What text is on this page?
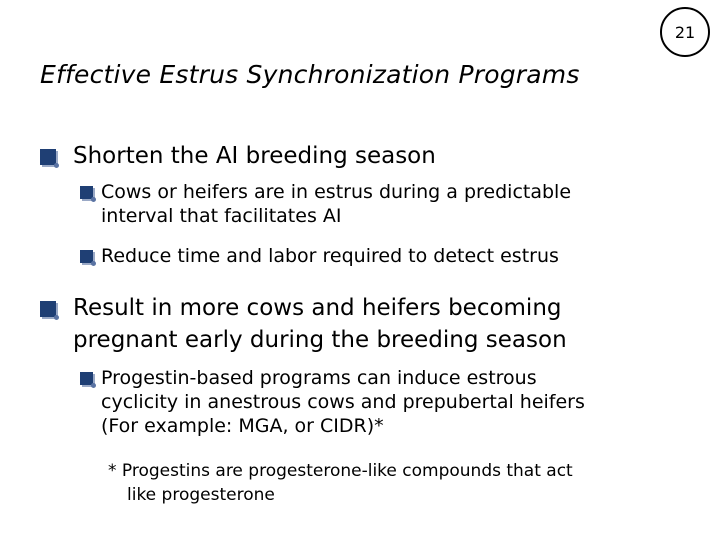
21
Effective Estrus Synchronization Programs
Shorten the AI breeding season
Cows or heifers are in estrus during a predictable
interval that facilitates AI
Reduce time and labor required to detect estrus
Result in more cows and heifers becoming
pregnant early during the breeding season
Progestin-based programs can induce estrous
cyclicity in anestrous cows and prepubertal heifers
(For example: MGA, or CIDR)*
* Progestins are progesterone-like compounds that act
like progesterone
